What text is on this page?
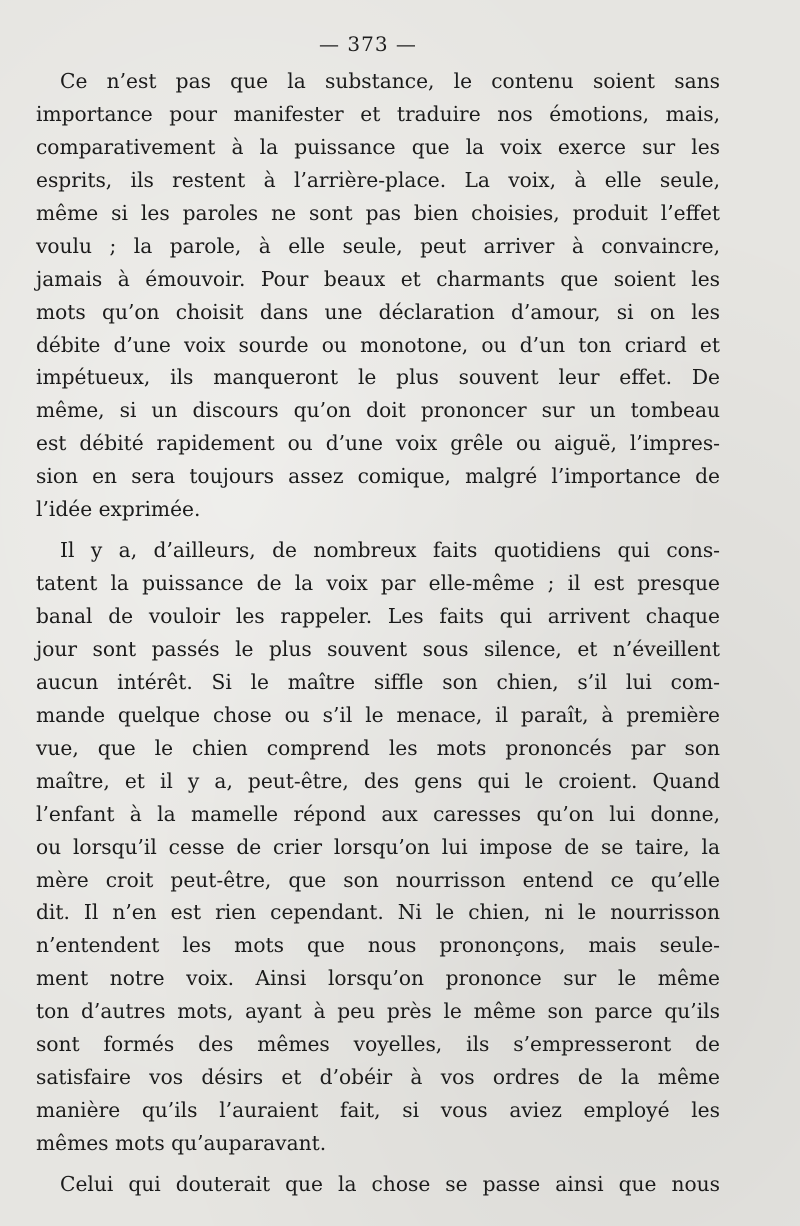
— 373 —

Ce n’est pas que la substance, le contenu soient sans
importance pour manifester et traduire nos émotions, mais,
comparativement à la puissance que la voix exerce sur les
esprits, ils restent à l’arrière-place. La voix, à elle seule,
même si les paroles ne sont pas bien choisies, produit l’effet
voulu ; la parole, à elle seule, peut arriver à convaincre,
jamais à émouvoir. Pour beaux et charmants que soient les
mots qu’on choisit dans une déclaration d’amour, si on les
débite d’une voix sourde ou monotone, ou d’un ton criard et
impétueux, ils manqueront le plus souvent leur effet. De
même, si un discours qu’on doit prononcer sur un tombeau
est débité rapidement ou d’une voix grêle ou aiguë, l’impres-
sion en sera toujours assez comique, malgré l’importance de
l’idée exprimée.

Il y a, d’ailleurs, de nombreux faits quotidiens qui cons-
tatent la puissance de la voix par elle-même ; il est presque
banal de vouloir les rappeler. Les faits qui arrivent chaque
jour sont passés le plus souvent sous silence, et n’éveillent
aucun intérêt. Si le maître siffle son chien, s’il lui com-
mande quelque chose ou s’il le menace, il paraît, à première
vue, que le chien comprend les mots prononcés par son
maître, et il y a, peut-être, des gens qui le croient. Quand
l’enfant à la mamelle répond aux caresses qu’on lui donne,
ou lorsqu’il cesse de crier lorsqu’on lui impose de se taire, la
mère croit peut-être, que son nourrisson entend ce qu’elle
dit. Il n’en est rien cependant. Ni le chien, ni le nourrisson
n’entendent les mots que nous prononçons, mais seule-
ment notre voix. Ainsi lorsqu’on prononce sur le même
ton d’autres mots, ayant à peu près le même son parce qu’ils
sont formés des mêmes voyelles, ils s’empresseront de
satisfaire vos désirs et d’obéir à vos ordres de la même
manière qu’ils l’auraient fait, si vous aviez employé les
mêmes mots qu’auparavant.

Celui qui douterait que la chose se passe ainsi que nous
